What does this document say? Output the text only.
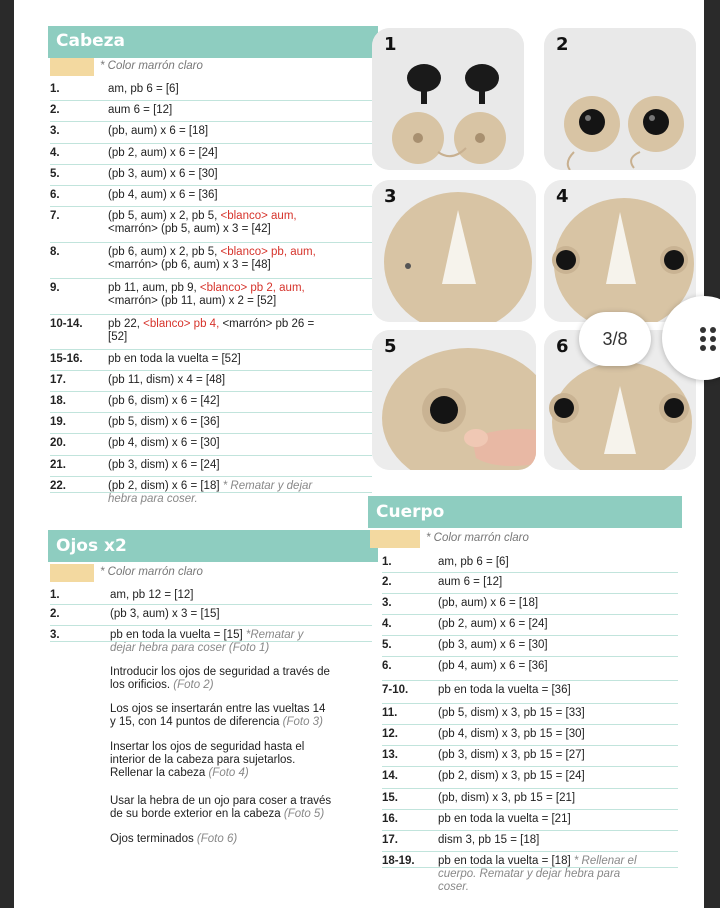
Cabeza
* Color marrón claro
1.	am, pb 6 = [6]
2.	aum 6 = [12]
3.	(pb, aum) x 6 = [18]
4.	(pb 2, aum) x 6 = [24]
5.	(pb 3, aum) x 6 = [30]
6.	(pb 4, aum) x 6 = [36]
7.	(pb 5, aum) x 2, pb 5, <blanco> aum,
<marrón> (pb 5, aum) x 3 = [42]
8.	(pb 6, aum) x 2, pb 5, <blanco> pb, aum,
<marrón> (pb 6, aum) x 3 = [48]
9.	pb 11, aum, pb 9, <blanco> pb 2, aum,
<marrón> (pb 11, aum) x 2 = [52]
10-14. pb 22, <blanco> pb 4, <marrón> pb 26 =
[52]
15-16. pb en toda la vuelta = [52]
17.	(pb 11, dism) x 4 = [48]
18.	(pb 6, dism) x 6 = [42]
19.	(pb 5, dism) x 6 = [36]
20.	(pb 4, dism) x 6 = [30]
21.	(pb 3, dism) x 6 = [24]
22.	(pb 2, dism) x 6 = [18] * Rematar y dejar
hebra para coser.
Ojos x2
* Color marrón claro
1.	am, pb 12 = [12]
2.	(pb 3, aum) x 3 = [15]
3.	pb en toda la vuelta = [15] *Rematar y
dejar hebra para coser (Foto 1)
Introducir los ojos de seguridad a través de
los orificios. (Foto 2)
Los ojos se insertarán entre las vueltas 14
y 15, con 14 puntos de diferencia (Foto 3)
Insertar los ojos de seguridad hasta el
interior de la cabeza para sujetarlos.
Rellenar la cabeza (Foto 4)
Usar la hebra de un ojo para coser a través
de su borde exterior en la cabeza (Foto 5)
Ojos terminados (Foto 6)
Cuerpo
* Color marrón claro
1.	am, pb 6 = [6]
2.	aum 6 = [12]
3.	(pb, aum) x 6 = [18]
4.	(pb 2, aum) x 6 = [24]
5.	(pb 3, aum) x 6 = [30]
6.	(pb 4, aum) x 6 = [36]
7-10.	pb en toda la vuelta = [36]
11.	(pb 5, dism) x 3, pb 15 = [33]
12.	(pb 4, dism) x 3, pb 15 = [30]
13.	(pb 3, dism) x 3, pb 15 = [27]
14.	(pb 2, dism) x 3, pb 15 = [24]
15.	(pb, dism) x 3, pb 15 = [21]
16.	pb en toda la vuelta = [21]
17.	dism 3, pb 15 = [18]
18-19. pb en toda la vuelta = [18] * Rellenar el
cuerpo. Rematar y dejar hebra para
coser.
1	2
3	4
5	6 3/8
